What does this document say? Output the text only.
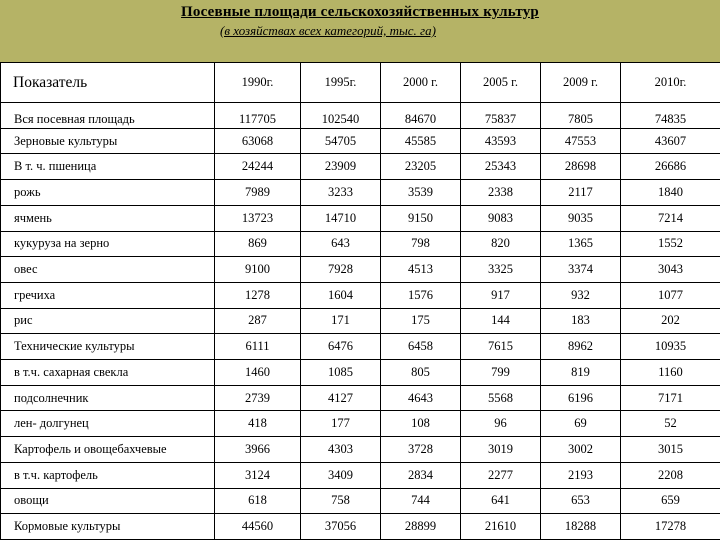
Посевные площади сельскохозяйственных культур
(в хозяйствах всех категорий, тыс. га)
Показатель	1990г.	1995г.	2000 г.	2005 г.	2009 г.	2010г.
Вся посевная площадь	117705	102540	84670	75837	7805	74835
Зерновые культуры	63068	54705	45585	43593	47553	43607
В т. ч. пшеница	24244	23909	23205	25343	28698	26686
рожь	7989	3233	3539	2338	2117	1840
ячмень	13723	14710	9150	9083	9035	7214
кукуруза на зерно	869	643	798	820	1365	1552
овес	9100	7928	4513	3325	3374	3043
гречиха	1278	1604	1576	917	932	1077
рис	287	171	175	144	183	202
Технические культуры	6111	6476	6458	7615	8962	10935
в т.ч. сахарная свекла	1460	1085	805	799	819	1160
подсолнечник	2739	4127	4643	5568	6196	7171
лен- долгунец	418	177	108	96	69	52
Картофель и овощебахчевые	3966	4303	3728	3019	3002	3015
в т.ч. картофель	3124	3409	2834	2277	2193	2208
овощи	618	758	744	641	653	659
Кормовые культуры	44560	37056	28899	21610	18288	17278
